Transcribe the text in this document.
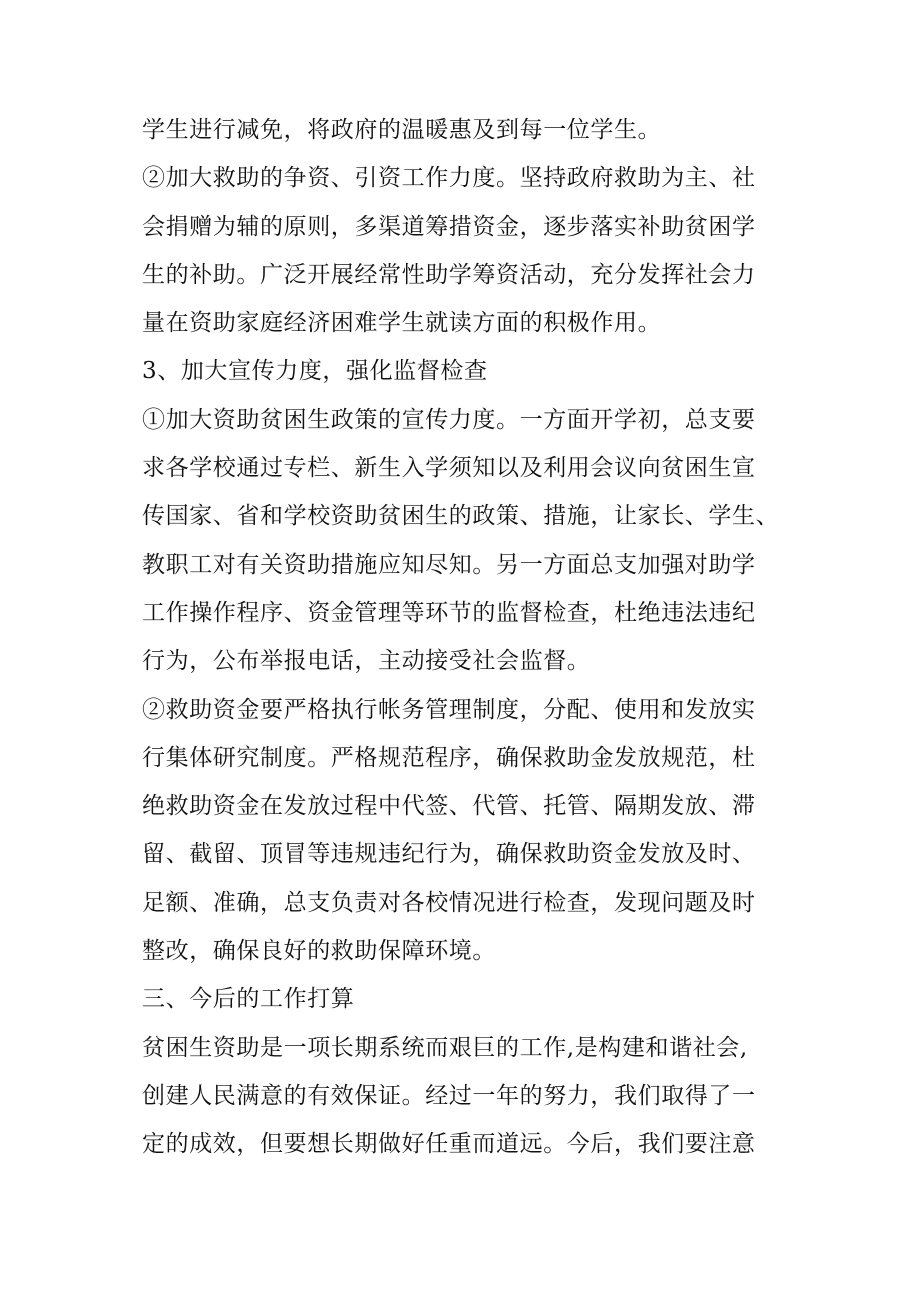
学生进行减免，将政府的温暖惠及到每一位学生。
②加大救助的争资、引资工作力度。坚持政府救助为主、社
会捐赠为辅的原则，多渠道筹措资金，逐步落实补助贫困学
生的补助。广泛开展经常性助学筹资活动，充分发挥社会力
量在资助家庭经济困难学生就读方面的积极作用。
3、加大宣传力度，强化监督检查
①加大资助贫困生政策的宣传力度。一方面开学初，总支要
求各学校通过专栏、新生入学须知以及利用会议向贫困生宣
传国家、省和学校资助贫困生的政策、措施，让家长、学生、
教职工对有关资助措施应知尽知。另一方面总支加强对助学
工作操作程序、资金管理等环节的监督检查，杜绝违法违纪
行为，公布举报电话，主动接受社会监督。
②救助资金要严格执行帐务管理制度，分配、使用和发放实
行集体研究制度。严格规范程序，确保救助金发放规范，杜
绝救助资金在发放过程中代签、代管、托管、隔期发放、滞
留、截留、顶冒等违规违纪行为，确保救助资金发放及时、
足额、准确，总支负责对各校情况进行检查，发现问题及时
整改，确保良好的救助保障环境。
三、今后的工作打算
贫困生资助是一项长期系统而艰巨的工作,是构建和谐社会,
创建人民满意的有效保证。经过一年的努力，我们取得了一
定的成效，但要想长期做好任重而道远。今后，我们要注意
